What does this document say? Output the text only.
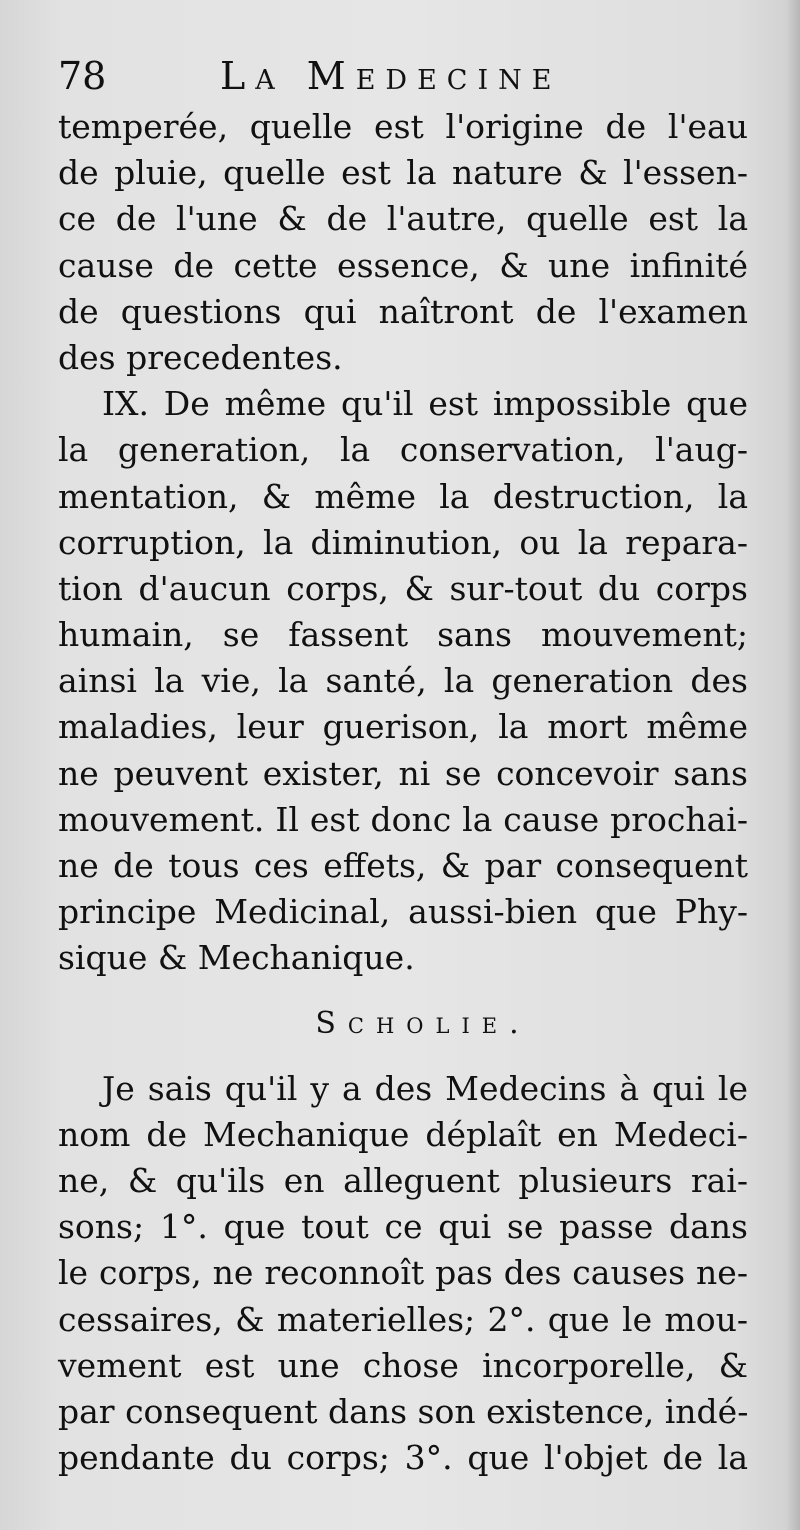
78	La Medecine
temperée, quelle est l'origine de l'eau
de pluie, quelle est la nature & l'essen-
ce de l'une & de l'autre, quelle est la
cause de cette essence, & une infinité
de questions qui naîtront de l'examen
des precedentes.
IX. De même qu'il est impossible que
la generation, la conservation, l'aug-
mentation, & même la destruction, la
corruption, la diminution, ou la repara-
tion d'aucun corps, & sur-tout du corps
humain, se fassent sans mouvement;
ainsi la vie, la santé, la generation des
maladies, leur guerison, la mort même
ne peuvent exister, ni se concevoir sans
mouvement. Il est donc la cause prochai-
ne de tous ces effets, & par consequent
principe Medicinal, aussi-bien que Phy-
sique & Mechanique.
Scholie.
Je sais qu'il y a des Medecins à qui le
nom de Mechanique déplaît en Medeci-
ne, & qu'ils en alleguent plusieurs rai-
sons; 1°. que tout ce qui se passe dans
le corps, ne reconnoît pas des causes ne-
cessaires, & materielles; 2°. que le mou-
vement est une chose incorporelle, &
par consequent dans son existence, indé-
pendante du corps; 3°. que l'objet de la
